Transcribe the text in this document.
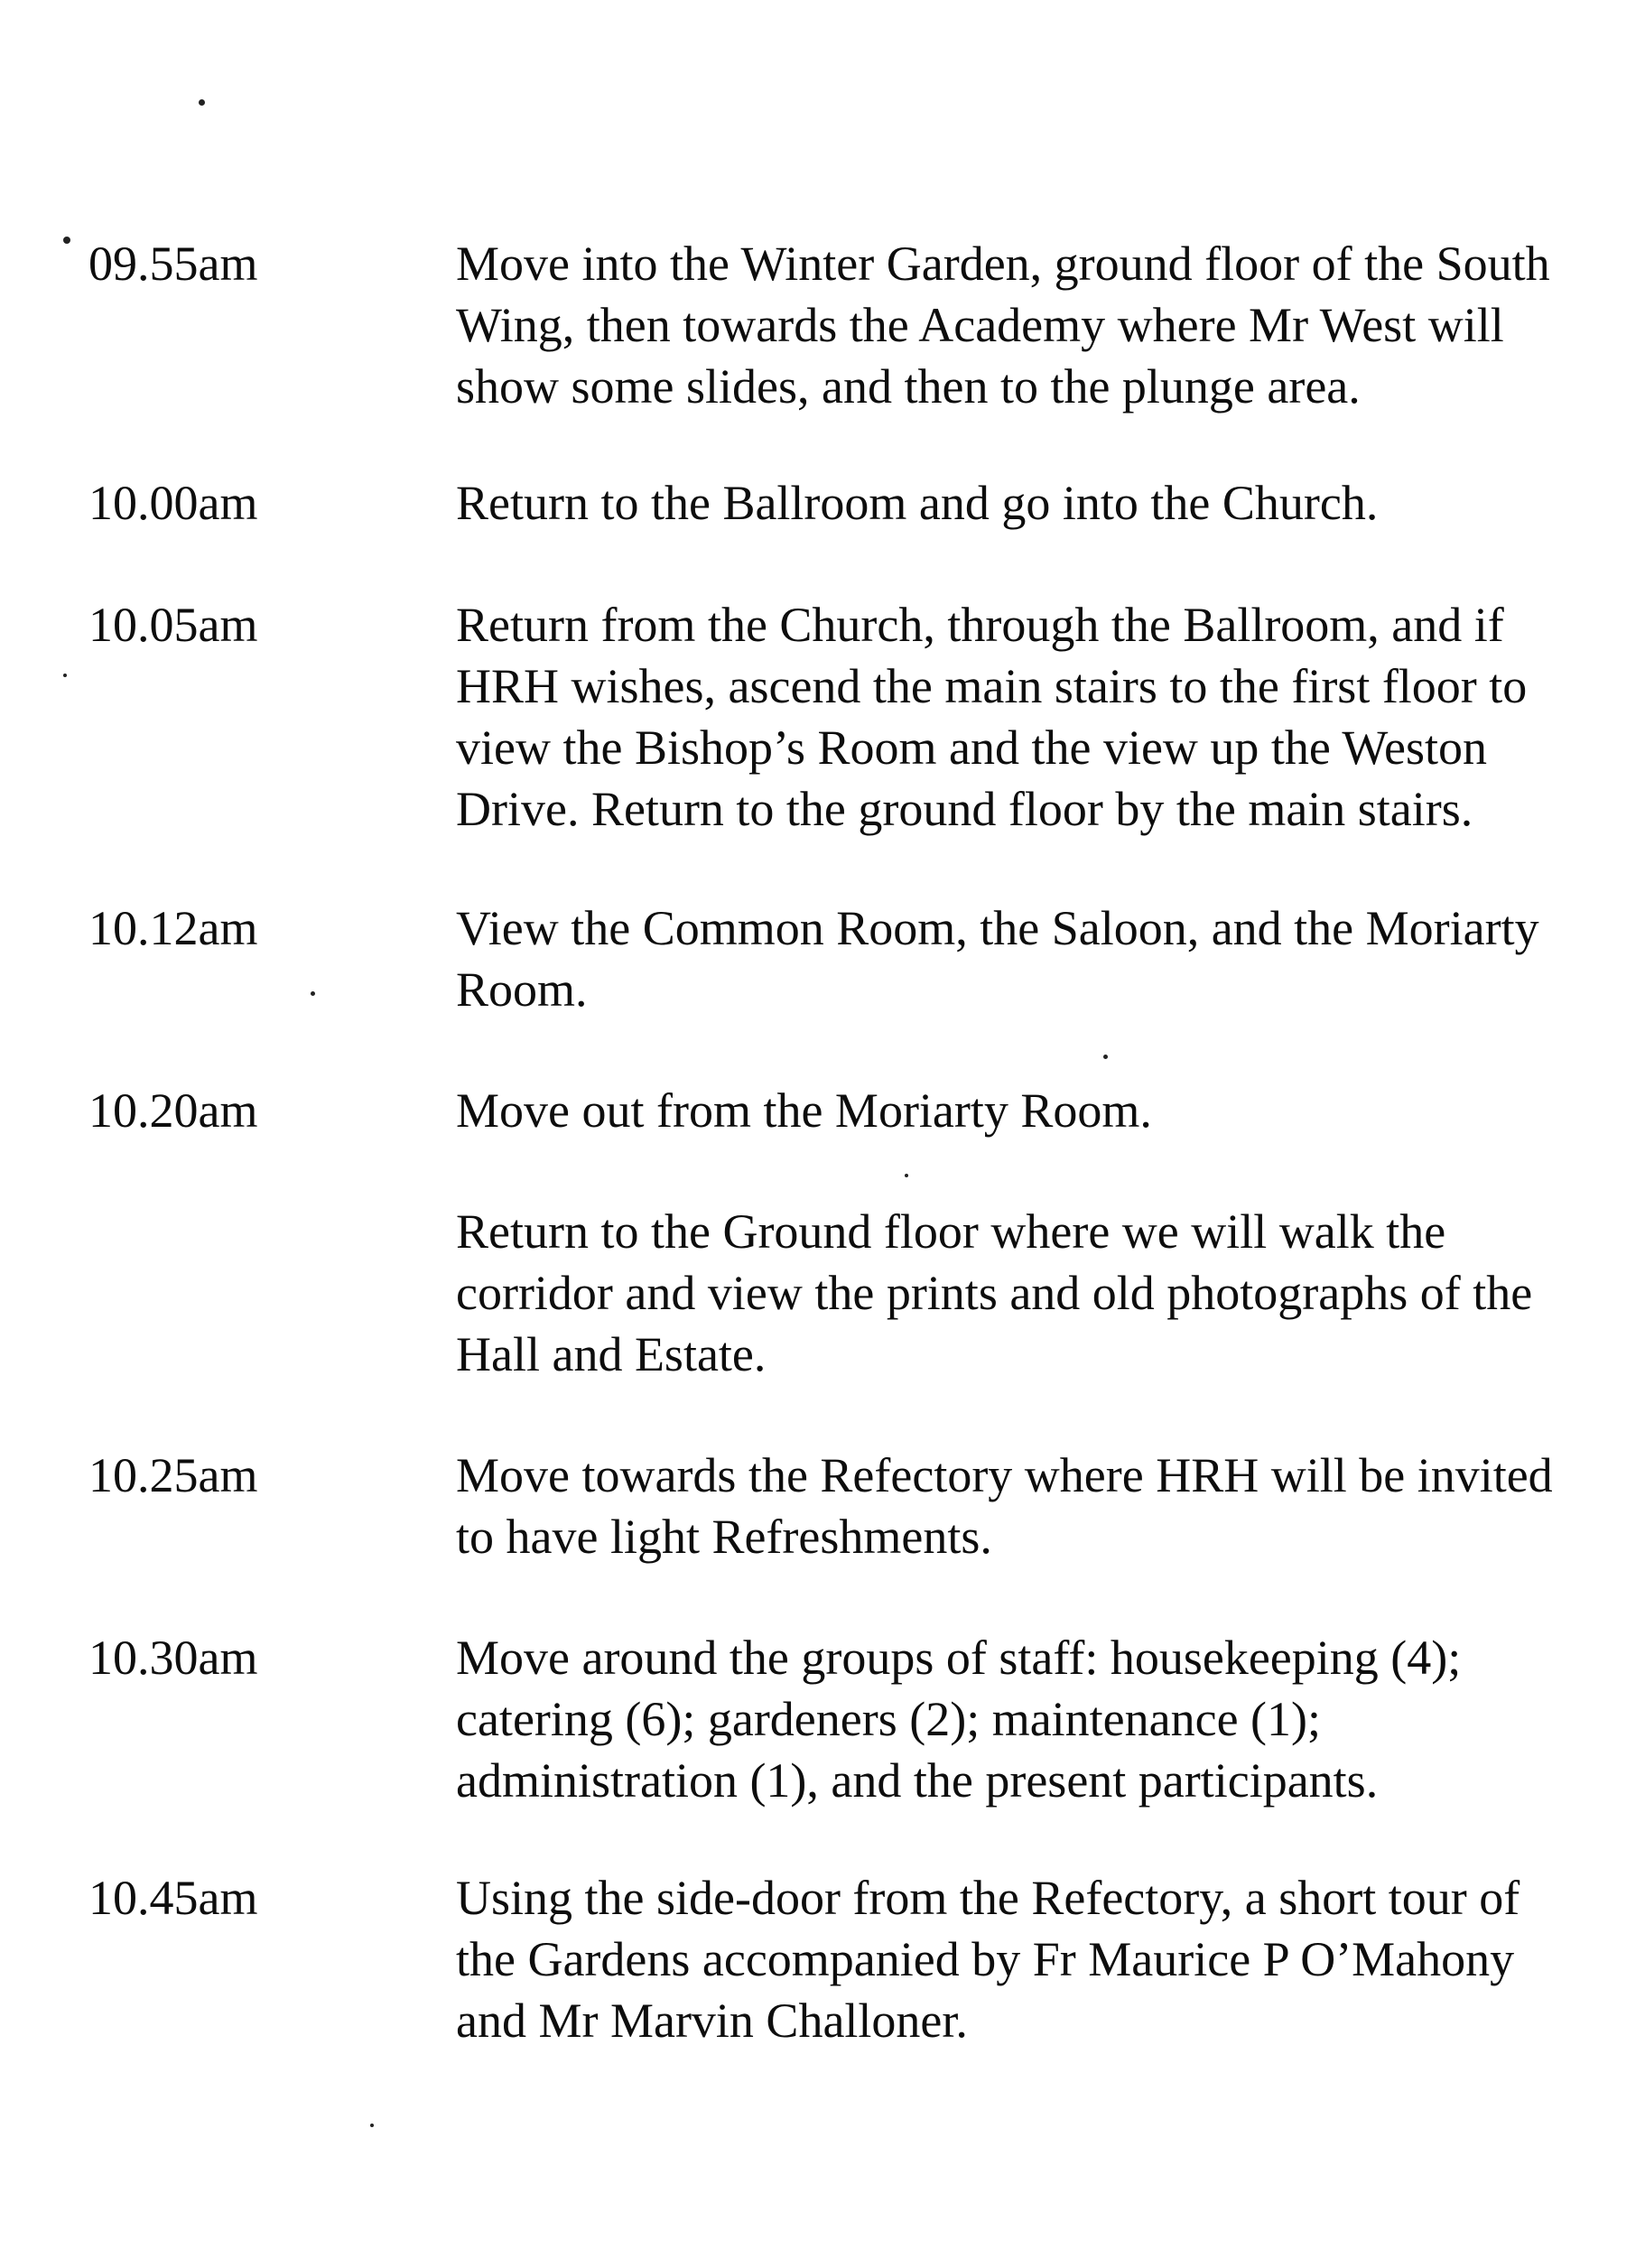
09.55am	Move into the Winter Garden, ground floor of the South
Wing, then towards the Academy where Mr West will
show some slides, and then to the plunge area.
10.00am	Return to the Ballroom and go into the Church.
10.05am	Return from the Church, through the Ballroom, and if
HRH wishes, ascend the main stairs to the first floor to
view the Bishop’s Room and the view up the Weston
Drive. Return to the ground floor by the main stairs.
10.12am	View the Common Room, the Saloon, and the Moriarty
Room.
10.20am	Move out from the Moriarty Room.
Return to the Ground floor where we will walk the
corridor and view the prints and old photographs of the
Hall and Estate.
10.25am	Move towards the Refectory where HRH will be invited
to have light Refreshments.
10.30am	Move around the groups of staff: housekeeping (4);
catering (6); gardeners (2); maintenance (1);
administration (1), and the present participants.
10.45am	Using the side-door from the Refectory, a short tour of
the Gardens accompanied by Fr Maurice P O’Mahony
and Mr Marvin Challoner.
